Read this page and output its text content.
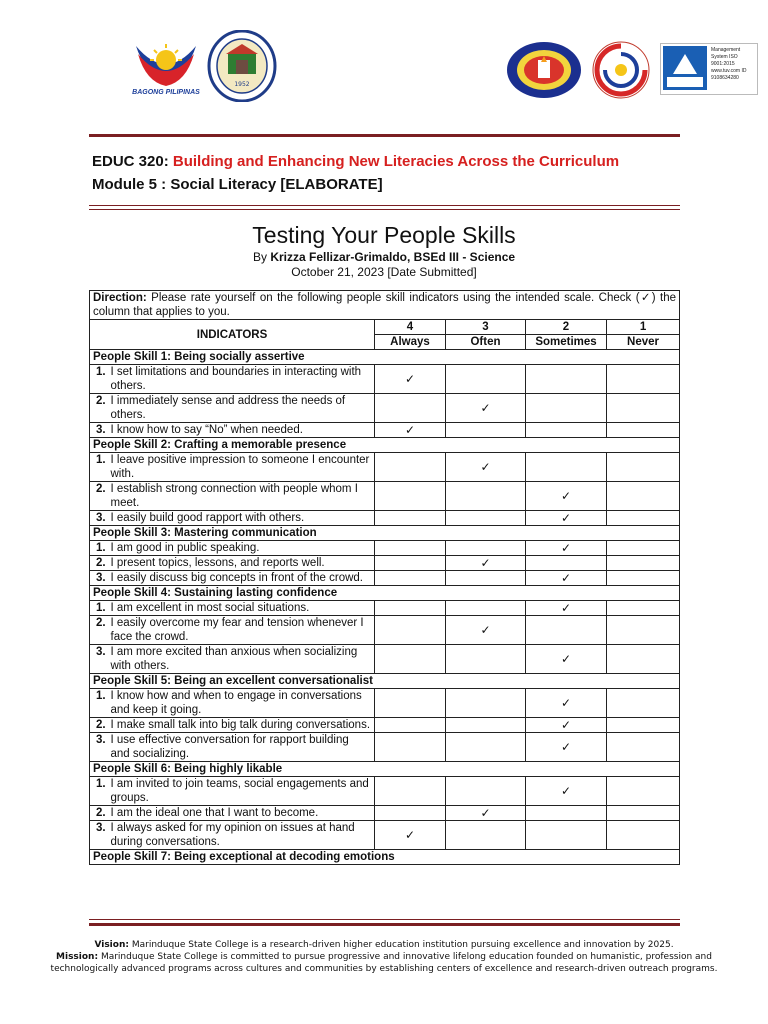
BAGONG PILIPINAS
1952
Management System ISO 9001:2015 www.tuv.com ID 9108634280
EDUC 320: Building and Enhancing New Literacies Across the Curriculum
Module 5 : Social Literacy [ELABORATE]
Testing Your People Skills
By Krizza Fellizar-Grimaldo, BSEd III - Science
October 21, 2023 [Date Submitted]
Direction: Please rate yourself on the following people skill indicators using the intended scale. Check (✓) the column that applies to you.					
INDICATORS		4	3	2	1
		Always	Often	Sometimes	Never
People Skill 1: Being socially assertive					
1.	I set limitations and boundaries in interacting with others.	✓			
2.	I immediately sense and address the needs of others.		✓		
3.	I know how to say “No” when needed.	✓			
People Skill 2: Crafting a memorable presence					
1.	I leave positive impression to someone I encounter with.		✓		
2.	I establish strong connection with people whom I meet.			✓	
3.	I easily build good rapport with others.			✓	
People Skill 3: Mastering communication					
1.	I am good in public speaking.			✓	
2.	I present topics, lessons, and reports well.		✓		
3.	I easily discuss big concepts in front of the crowd.			✓	
People Skill 4: Sustaining lasting confidence					
1.	I am excellent in most social situations.			✓	
2.	I easily overcome my fear and tension whenever I face the crowd.		✓		
3.	I am more excited than anxious when socializing with others.			✓	
People Skill 5: Being an excellent conversationalist					
1.	I know how and when to engage in conversations and keep it going.			✓	
2.	I make small talk into big talk during conversations.			✓	
3.	I use effective conversation for rapport building and socializing.			✓	
People Skill 6: Being highly likable					
1.	I am invited to join teams, social engagements and groups.			✓	
2.	I am the ideal one that I want to become.		✓		
3.	I always asked for my opinion on issues at hand during conversations.	✓			
People Skill 7: Being exceptional at decoding emotions					
Vision: Marinduque State College is a research-driven higher education institution pursuing excellence and innovation by 2025.
Mission: Marinduque State College is committed to pursue progressive and innovative lifelong education founded on humanistic, profession and technologically advanced programs across cultures and communities by establishing centers of excellence and research-driven outreach programs.
